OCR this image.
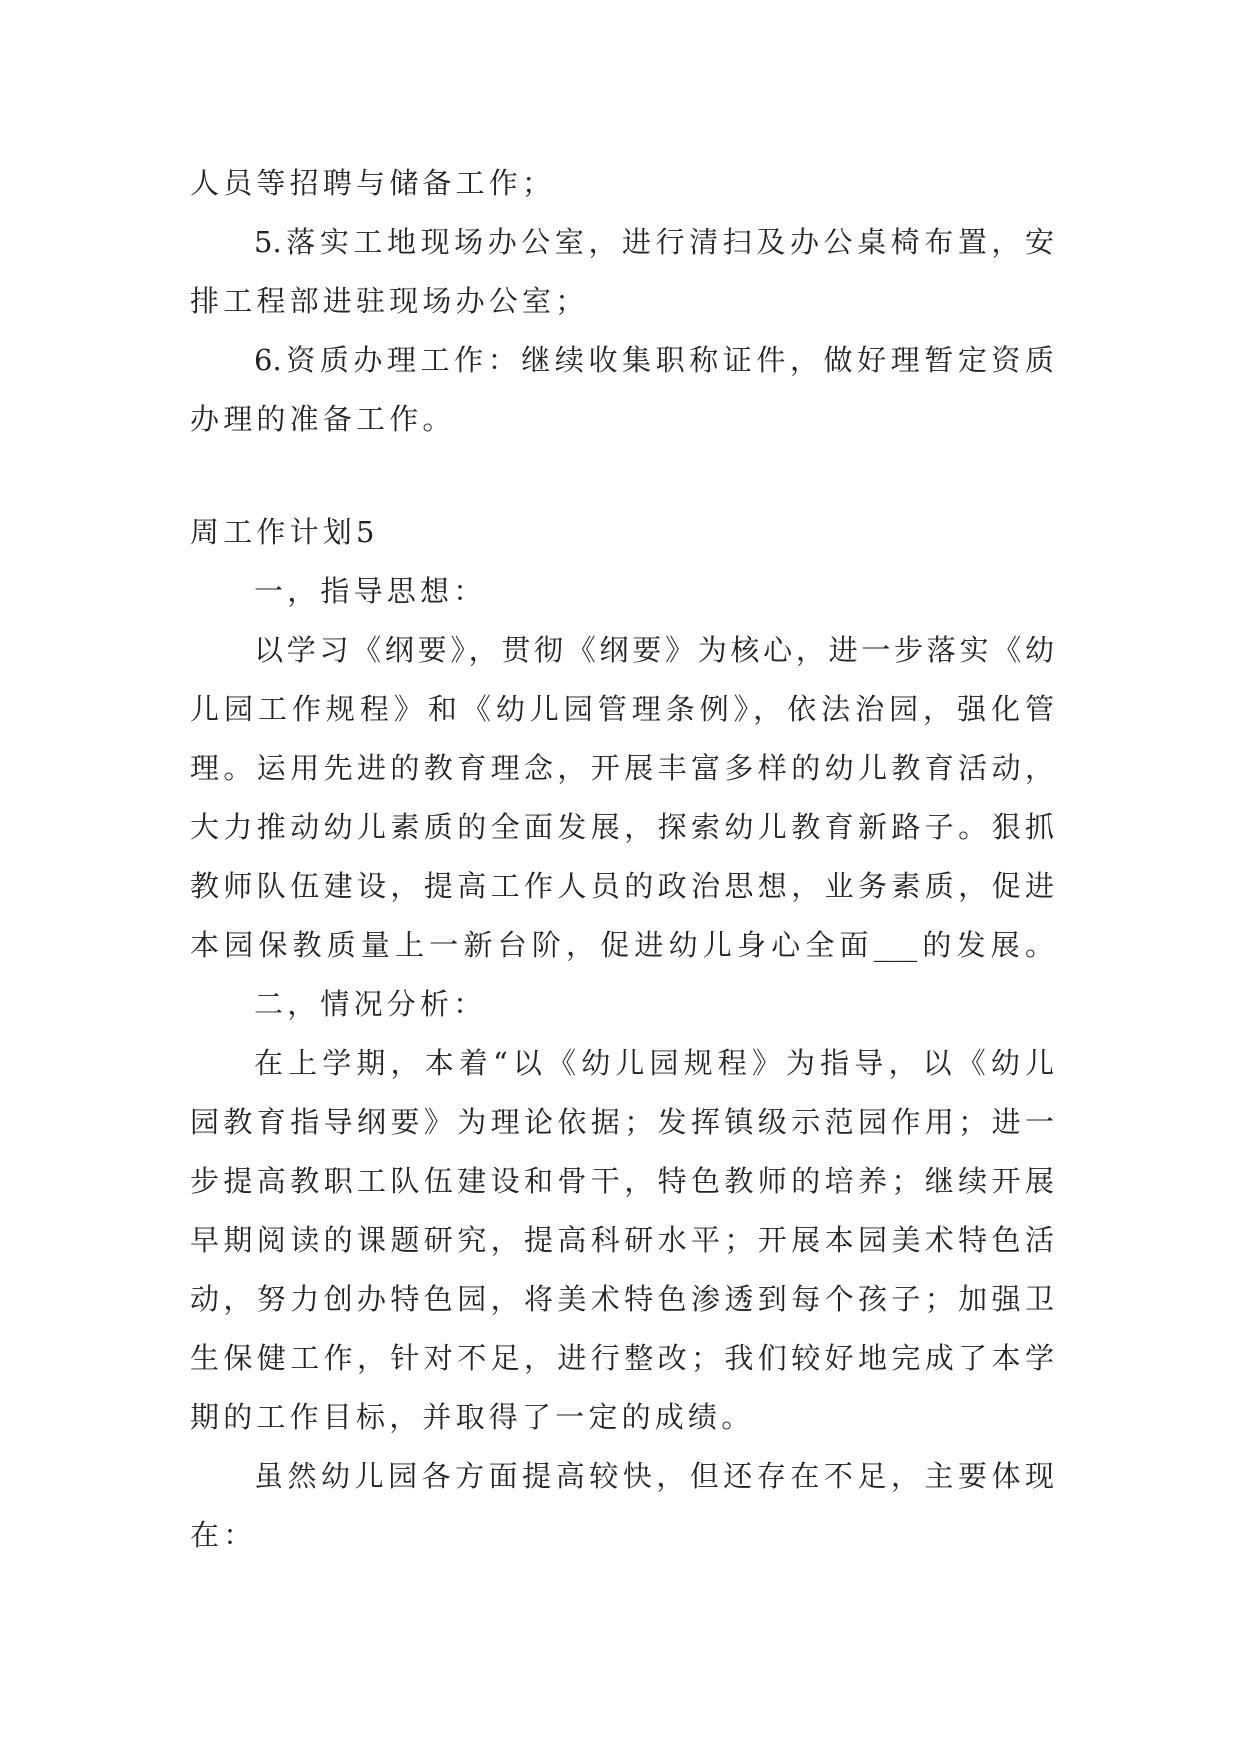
人员等招聘与储备工作；
5.落实工地现场办公室，进行清扫及办公桌椅布置，安
排工程部进驻现场办公室；
6.资质办理工作：继续收集职称证件，做好理暂定资质
办理的准备工作。
周工作计划5
一，指导思想：
以学习《纲要》，贯彻《纲要》为核心，进一步落实《幼
儿园工作规程》和《幼儿园管理条例》，依法治园，强化管
理。运用先进的教育理念，开展丰富多样的幼儿教育活动，
大力推动幼儿素质的全面发展，探索幼儿教育新路子。狠抓
教师队伍建设，提高工作人员的政治思想，业务素质，促进
本园保教质量上一新台阶，促进幼儿身心全面___的发展。
二，情况分析：
在上学期，本着“以《幼儿园规程》为指导，以《幼儿
园教育指导纲要》为理论依据；发挥镇级示范园作用；进一
步提高教职工队伍建设和骨干，特色教师的培养；继续开展
早期阅读的课题研究，提高科研水平；开展本园美术特色活
动，努力创办特色园，将美术特色渗透到每个孩子；加强卫
生保健工作，针对不足，进行整改；我们较好地完成了本学
期的工作目标，并取得了一定的成绩。
虽然幼儿园各方面提高较快，但还存在不足，主要体现
在：
